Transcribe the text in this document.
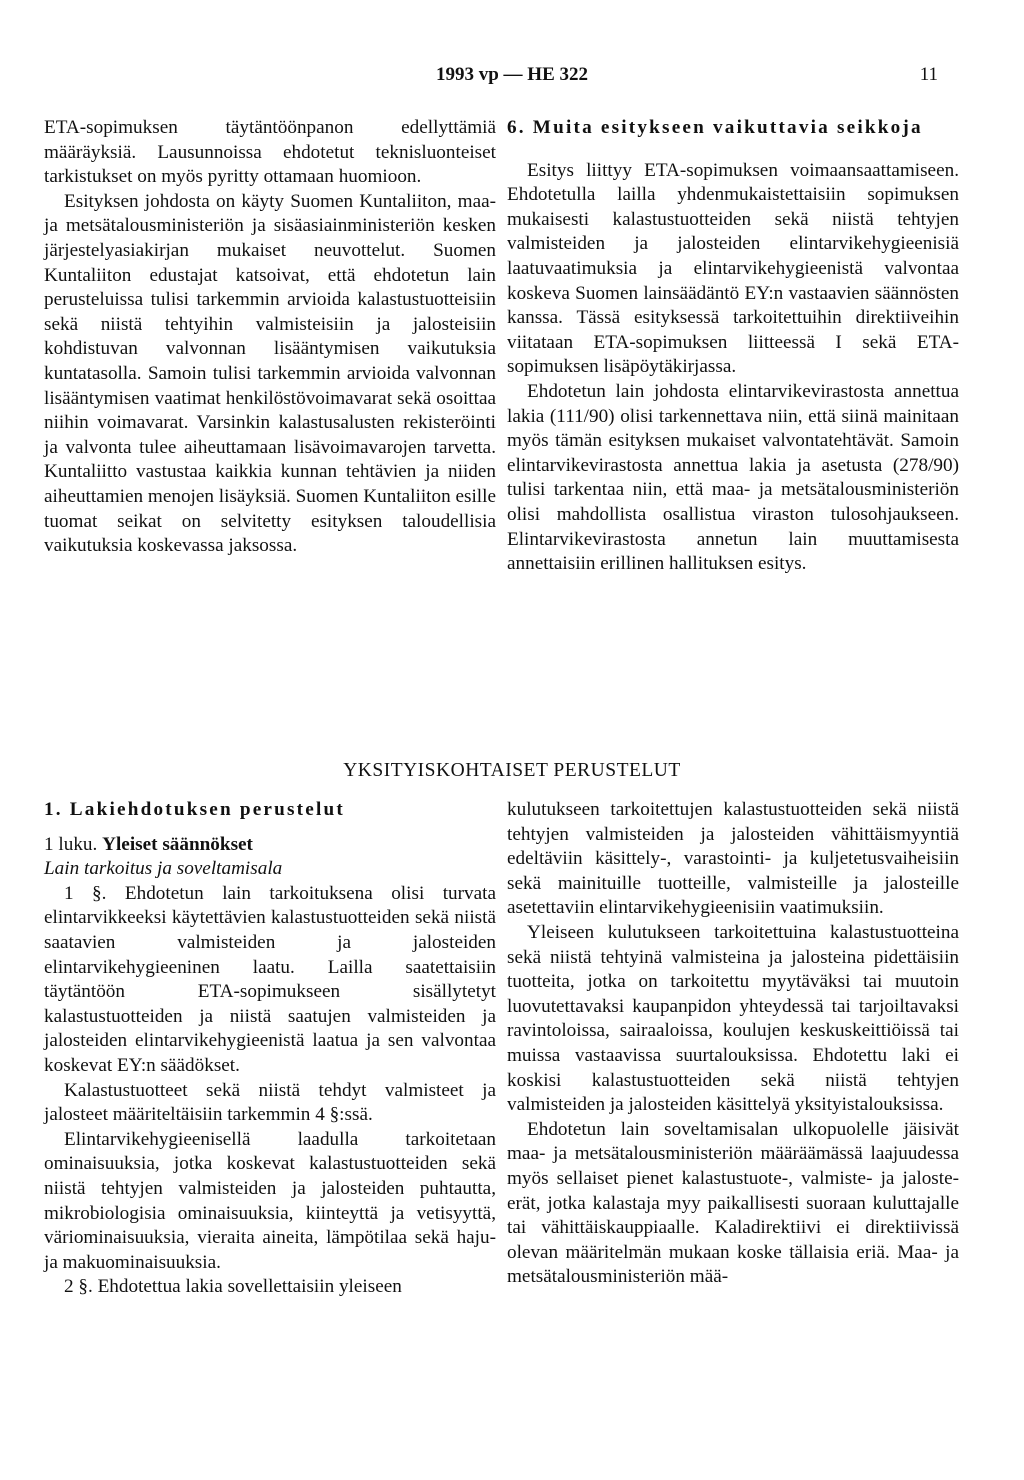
1993 vp — HE 322	11

ETA-sopimuksen täytäntöönpanon edellyttämiä määräyksiä. Lausunnoissa ehdotetut teknisluonteiset tarkistukset on myös pyritty ottamaan huomioon.

Esityksen johdosta on käyty Suomen Kuntaliiton, maa- ja metsätalousministeriön ja sisäasiainministeriön kesken järjestelyasiakirjan mukaiset neuvottelut. Suomen Kuntaliiton edustajat katsoivat, että ehdotetun lain perusteluissa tulisi tarkemmin arvioida kalastustuotteisiin sekä niistä tehtyihin valmisteisiin ja jalosteisiin kohdistuvan valvonnan lisääntymisen vaikutuksia kuntatasolla. Samoin tulisi tarkemmin arvioida valvonnan lisääntymisen vaatimat henkilöstövoimavarat sekä osoittaa niihin voimavarat. Varsinkin kalastusalusten rekisteröinti ja valvonta tulee aiheuttamaan lisävoimavarojen tarvetta. Kuntaliitto vastustaa kaikkia kunnan tehtävien ja niiden aiheuttamien menojen lisäyksiä. Suomen Kuntaliiton esille tuomat seikat on selvitetty esityksen taloudellisia vaikutuksia koskevassa jaksossa.

6. Muita esitykseen vaikuttavia seikkoja

Esitys liittyy ETA-sopimuksen voimaansaattamiseen. Ehdotetulla lailla yhdenmukaistettaisiin sopimuksen mukaisesti kalastustuotteiden sekä niistä tehtyjen valmisteiden ja jalosteiden elintarvikehygieenisiä laatuvaatimuksia ja elintarvikehygieenistä valvontaa koskeva Suomen lainsäädäntö EY:n vastaavien säännösten kanssa. Tässä esityksessä tarkoitettuihin direktiiveihin viitataan ETA-sopimuksen liitteessä I sekä ETA-sopimuksen lisäpöytäkirjassa.

Ehdotetun lain johdosta elintarvikevirastosta annettua lakia (111/90) olisi tarkennettava niin, että siinä mainitaan myös tämän esityksen mukaiset valvontatehtävät. Samoin elintarvikevirastosta annettua lakia ja asetusta (278/90) tulisi tarkentaa niin, että maa- ja metsätalousministeriön olisi mahdollista osallistua viraston tulosohjaukseen. Elintarvikevirastosta annetun lain muuttamisesta annettaisiin erillinen hallituksen esitys.

YKSITYISKOHTAISET PERUSTELUT

1. Lakiehdotuksen perustelut

1 luku. Yleiset säännökset

Lain tarkoitus ja soveltamisala

1 §. Ehdotetun lain tarkoituksena olisi turvata elintarvikkeeksi käytettävien kalastustuotteiden sekä niistä saatavien valmisteiden ja jalosteiden elintarvikehygieeninen laatu. Lailla saatettaisiin täytäntöön ETA-sopimukseen sisällytetyt kalastustuotteiden ja niistä saatujen valmisteiden ja jalosteiden elintarvikehygieenistä laatua ja sen valvontaa koskevat EY:n säädökset.

Kalastustuotteet sekä niistä tehdyt valmisteet ja jalosteet määriteltäisiin tarkemmin 4 §:ssä.

Elintarvikehygieenisellä laadulla tarkoitetaan ominaisuuksia, jotka koskevat kalastustuotteiden sekä niistä tehtyjen valmisteiden ja jalosteiden puhtautta, mikrobiologisia ominaisuuksia, kiinteyttä ja vetisyyttä, väriominaisuuksia, vieraita aineita, lämpötilaa sekä haju- ja makuominaisuuksia.

2 §. Ehdotettua lakia sovellettaisiin yleiseen

kulutukseen tarkoitettujen kalastustuotteiden sekä niistä tehtyjen valmisteiden ja jalosteiden vähittäismyyntiä edeltäviin käsittely-, varastointi- ja kuljetetusvaiheisiin sekä mainituille tuotteille, valmisteille ja jalosteille asetettaviin elintarvikehygieenisiin vaatimuksiin.

Yleiseen kulutukseen tarkoitettuina kalastustuotteina sekä niistä tehtyinä valmisteina ja jalosteina pidettäisiin tuotteita, jotka on tarkoitettu myytäväksi tai muutoin luovutettavaksi kaupanpidon yhteydessä tai tarjoiltavaksi ravintoloissa, sairaaloissa, koulujen keskuskeittiöissä tai muissa vastaavissa suurtalouksissa. Ehdotettu laki ei koskisi kalastustuotteiden sekä niistä tehtyjen valmisteiden ja jalosteiden käsittelyä yksityistalouksissa.

Ehdotetun lain soveltamisalan ulkopuolelle jäisivät maa- ja metsätalousministeriön määräämässä laajuudessa myös sellaiset pienet kalastustuote-, valmiste- ja jaloste-erät, jotka kalastaja myy paikallisesti suoraan kuluttajalle tai vähittäiskauppiaalle. Kaladirektiivi ei direktiivissä olevan määritelmän mukaan koske tällaisia eriä. Maa- ja metsätalousministeriön mää-
